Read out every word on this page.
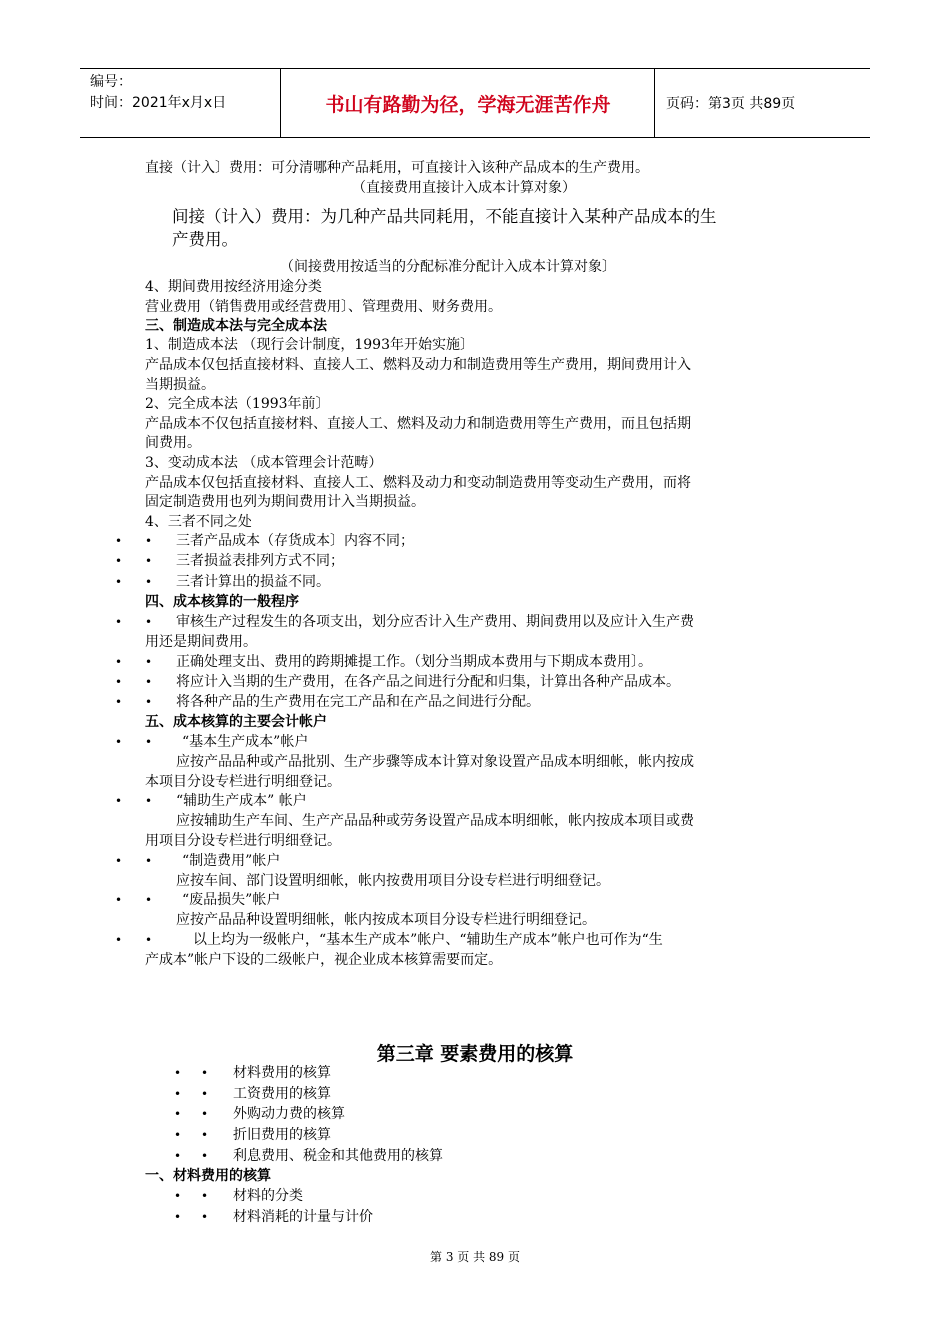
编号：
时间：2021年x月x日	书山有路勤为径，学海无涯苦作舟	页码：第3页 共89页
直接（计入〕费用：可分清哪种产品耗用，可直接计入该种产品成本的生产费用。
（直接费用直接计入成本计算对象）
间接（计入）费用：为几种产品共同耗用，不能直接计入某种产品成本的生
产费用。
（间接费用按适当的分配标准分配计入成本计算对象〕
4、期间费用按经济用途分类
营业费用（销售费用或经营费用〕、管理费用、财务费用。
三、制造成本法与完全成本法
1、制造成本法 （现行会计制度，1993年开始实施〕
产品成本仅包括直接材料、直接人工、燃料及动力和制造费用等生产费用，期间费用计入
当期损益。
2、完全成本法（1993年前〕
产品成本不仅包括直接材料、直接人工、燃料及动力和制造费用等生产费用，而且包括期
间费用。
3、变动成本法 （成本管理会计范畴）
产品成本仅包括直接材料、直接人工、燃料及动力和变动制造费用等变动生产费用，而将
固定制造费用也列为期间费用计入当期损益。
4、三者不同之处
• • 三者产品成本（存货成本〕内容不同；
• • 三者损益表排列方式不同；
• • 三者计算出的损益不同。
四、成本核算的一般程序
• • 审核生产过程发生的各项支出，划分应否计入生产费用、期间费用以及应计入生产费
用还是期间费用。
• • 正确处理支出、费用的跨期摊提工作。（划分当期成本费用与下期成本费用〕。
• • 将应计入当期的生产费用，在各产品之间进行分配和归集，计算出各种产品成本。
• • 将各种产品的生产费用在完工产品和在产品之间进行分配。
五、成本核算的主要会计帐户
• • “基本生产成本”帐户
应按产品品种或产品批别、生产步骤等成本计算对象设置产品成本明细帐，帐内按成
本项目分设专栏进行明细登记。
• • “辅助生产成本” 帐户
应按辅助生产车间、生产产品品种或劳务设置产品成本明细帐，帐内按成本项目或费
用项目分设专栏进行明细登记。
• • “制造费用”帐户
应按车间、部门设置明细帐，帐内按费用项目分设专栏进行明细登记。
• • “废品损失”帐户
应按产品品种设置明细帐，帐内按成本项目分设专栏进行明细登记。
• •	以上均为一级帐户，“基本生产成本”帐户、“辅助生产成本”帐户也可作为“生
产成本”帐户下设的二级帐户，视企业成本核算需要而定。
第三章 要素费用的核算
• • 材料费用的核算
• • 工资费用的核算
• • 外购动力费的核算
• • 折旧费用的核算
• • 利息费用、税金和其他费用的核算
一、材料费用的核算
• • 材料的分类
• • 材料消耗的计量与计价
第 3 页 共 89 页
